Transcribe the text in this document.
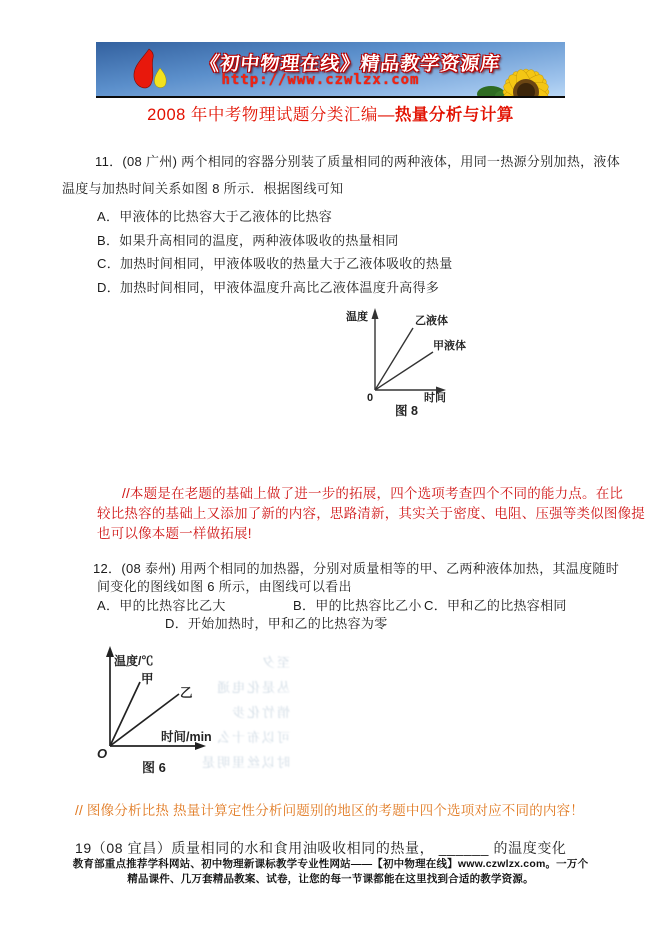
《初中物理在线》精品教学资源库
http://www.czwlzx.com
2008 年中考物理试题分类汇编—热量分析与计算
11．(08 广州) 两个相同的容器分别装了质量相同的两种液体，用同一热源分别加热，液体
温度与加热时间关系如图 8 所示．根据图线可知
A．甲液体的比热容大于乙液体的比热容
B．如果升高相同的温度，两种液体吸收的热量相同
C．加热时间相同，甲液体吸收的热量大于乙液体吸收的热量
D．加热时间相同，甲液体温度升高比乙液体温度升高得多
温度	乙液体
甲液体
0	时间
图 8
//本题是在老题的基础上做了进一步的拓展，四个选项考查四个不同的能力点。在比
较比热容的基础上又添加了新的内容，思路清新，其实关于密度、电阻、压强等类似图像提
也可以像本题一样做拓展!
12．(08 泰州) 用两个相同的加热器，分别对质量相等的甲、乙两种液体加热，其温度随时
间变化的图线如图 6 所示，由图线可以看出
A．甲的比热容比乙大	B．甲的比热容比乙小 C．甲和乙的比热容相同
D．开始加热时，甲和乙的比热容为零
至夕
丛是化电通
悄竹化步
可以布十么
时以丝里明是
温度/℃
甲
乙
时间/min
O
图 6
// 图像分析比热 热量计算定性分析问题别的地区的考题中四个选项对应不同的内容！
19（08 宜昌）质量相同的水和食用油吸收相同的热量， ______ 的温度变化
教育部重点推荐学科网站、初中物理新课标教学专业性网站——【初中物理在线】www.czwlzx.com。一万个
精品课件、几万套精品教案、试卷，让您的每一节课都能在这里找到合适的教学资源。
